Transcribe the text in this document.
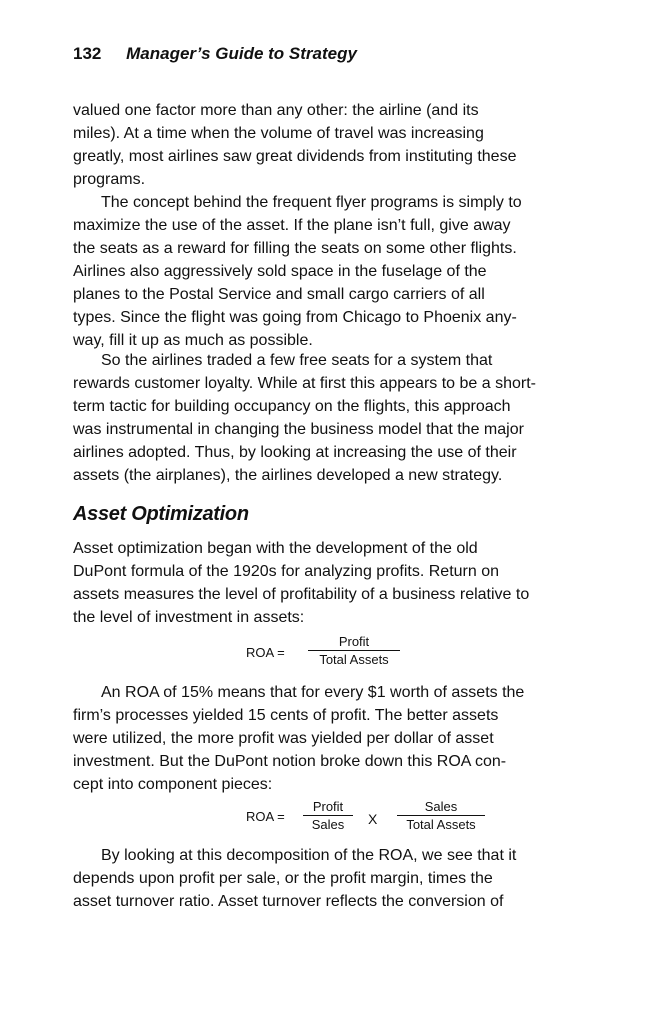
132 Manager’s Guide to Strategy
valued one factor more than any other: the airline (and its
miles). At a time when the volume of travel was increasing
greatly, most airlines saw great dividends from instituting these
programs.
The concept behind the frequent flyer programs is simply to
maximize the use of the asset. If the plane isn’t full, give away
the seats as a reward for filling the seats on some other flights.
Airlines also aggressively sold space in the fuselage of the
planes to the Postal Service and small cargo carriers of all
types. Since the flight was going from Chicago to Phoenix any-
way, fill it up as much as possible.
So the airlines traded a few free seats for a system that
rewards customer loyalty. While at first this appears to be a short-
term tactic for building occupancy on the flights, this approach
was instrumental in changing the business model that the major
airlines adopted. Thus, by looking at increasing the use of their
assets (the airplanes), the airlines developed a new strategy.
Asset Optimization
Asset optimization began with the development of the old
DuPont formula of the 1920s for analyzing profits. Return on
assets measures the level of profitability of a business relative to
the level of investment in assets:
ROA =
Profit
Total Assets
An ROA of 15% means that for every $1 worth of assets the
firm’s processes yielded 15 cents of profit. The better assets
were utilized, the more profit was yielded per dollar of asset
investment. But the DuPont notion broke down this ROA con-
cept into component pieces:
ROA =
Profit
Sales	X
Sales
Total Assets
By looking at this decomposition of the ROA, we see that it
depends upon profit per sale, or the profit margin, times the
asset turnover ratio. Asset turnover reflects the conversion of
